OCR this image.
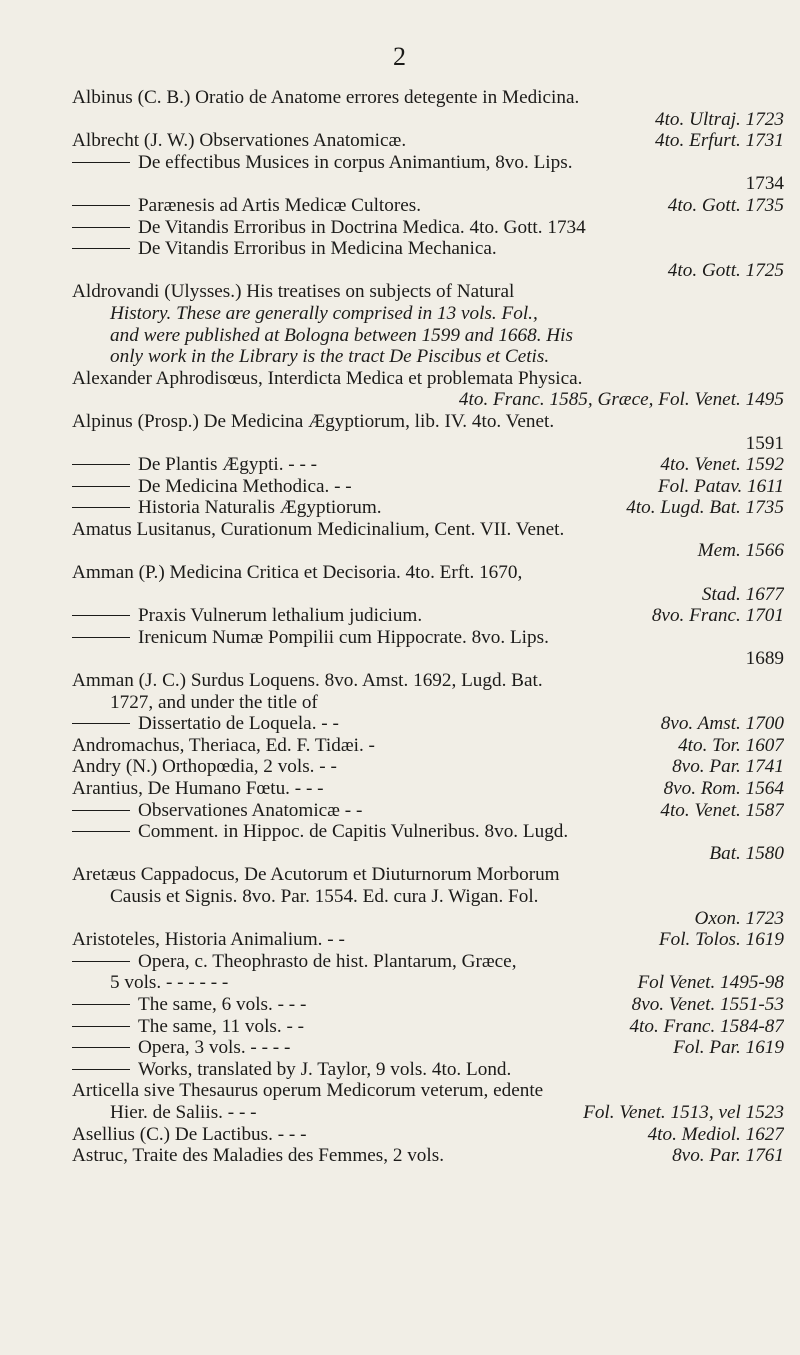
2
Albinus (C. B.) Oratio de Anatome errores detegente in Medicina.
4to. Ultraj. 1723
Albrecht (J. W.) Observationes Anatomicæ.	4to. Erfurt. 1731
De effectibus Musices in corpus Animantium, 8vo. Lips.
1734
Parænesis ad Artis Medicæ Cultores.	4to. Gott. 1735
De Vitandis Erroribus in Doctrina Medica. 4to. Gott. 1734
De Vitandis Erroribus in Medicina Mechanica.
4to. Gott. 1725
Aldrovandi (Ulysses.) His treatises on subjects of Natural
History. These are generally comprised in 13 vols. Fol.,
and were published at Bologna between 1599 and 1668. His
only work in the Library is the tract De Piscibus et Cetis.
Alexander Aphrodisœus, Interdicta Medica et problemata Physica.
4to. Franc. 1585, Græce, Fol. Venet. 1495
Alpinus (Prosp.) De Medicina Ægyptiorum, lib. IV. 4to. Venet.
1591
De Plantis Ægypti. - - -	4to. Venet. 1592
De Medicina Methodica. - -	Fol. Patav. 1611
Historia Naturalis Ægyptiorum.	4to. Lugd. Bat. 1735
Amatus Lusitanus, Curationum Medicinalium, Cent. VII. Venet.
Mem. 1566
Amman (P.) Medicina Critica et Decisoria. 4to. Erft. 1670,
Stad. 1677
Praxis Vulnerum lethalium judicium.	8vo. Franc. 1701
Irenicum Numæ Pompilii cum Hippocrate. 8vo. Lips.
1689
Amman (J. C.) Surdus Loquens. 8vo. Amst. 1692, Lugd. Bat.
1727, and under the title of
Dissertatio de Loquela. - -	8vo. Amst. 1700
Andromachus, Theriaca, Ed. F. Tidæi. -	4to. Tor. 1607
Andry (N.) Orthopœdia, 2 vols. - -	8vo. Par. 1741
Arantius, De Humano Fœtu. - - -	8vo. Rom. 1564
Observationes Anatomicæ - -	4to. Venet. 1587
Comment. in Hippoc. de Capitis Vulneribus. 8vo. Lugd.
Bat. 1580
Aretæus Cappadocus, De Acutorum et Diuturnorum Morborum
Causis et Signis. 8vo. Par. 1554. Ed. cura J. Wigan. Fol.
Oxon. 1723
Aristoteles, Historia Animalium. - -	Fol. Tolos. 1619
Opera, c. Theophrasto de hist. Plantarum, Græce,
5 vols. - - - - - -	Fol Venet. 1495-98
The same, 6 vols. - - -	8vo. Venet. 1551-53
The same, 11 vols. - -	4to. Franc. 1584-87
Opera, 3 vols. - - - -	Fol. Par. 1619
Works, translated by J. Taylor, 9 vols. 4to. Lond.
Articella sive Thesaurus operum Medicorum veterum, edente
Hier. de Saliis. - - -	Fol. Venet. 1513, vel 1523
Asellius (C.) De Lactibus. - - -	4to. Mediol. 1627
Astruc, Traite des Maladies des Femmes, 2 vols.	8vo. Par. 1761
